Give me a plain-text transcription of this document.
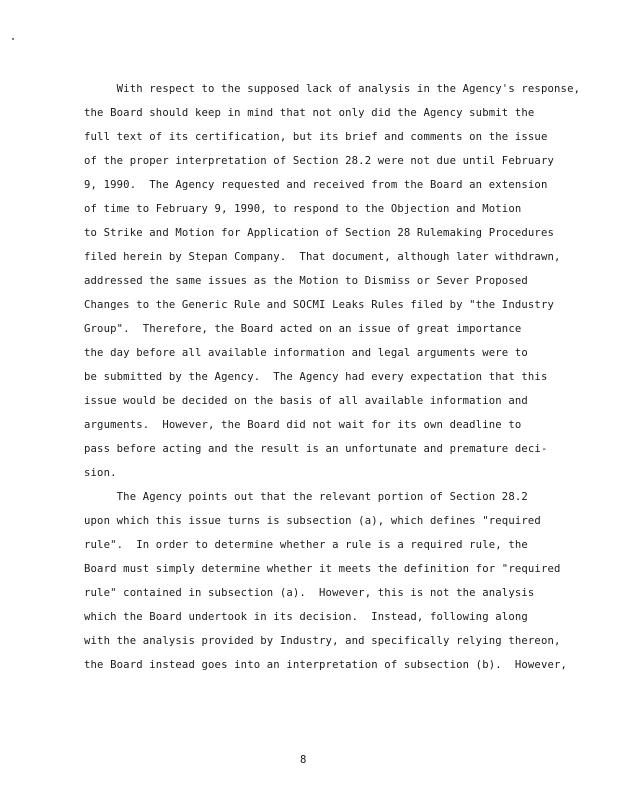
With respect to the supposed lack of analysis in the Agency's response,
the Board should keep in mind that not only did the Agency submit the
full text of its certification, but its brief and comments on the issue
of the proper interpretation of Section 28.2 were not due until February
9, 1990.  The Agency requested and received from the Board an extension
of time to February 9, 1990, to respond to the Objection and Motion
to Strike and Motion for Application of Section 28 Rulemaking Procedures
filed herein by Stepan Company.  That document, although later withdrawn,
addressed the same issues as the Motion to Dismiss or Sever Proposed
Changes to the Generic Rule and SOCMI Leaks Rules filed by "the Industry
Group".  Therefore, the Board acted on an issue of great importance
the day before all available information and legal arguments were to
be submitted by the Agency.  The Agency had every expectation that this
issue would be decided on the basis of all available information and
arguments.  However, the Board did not wait for its own deadline to
pass before acting and the result is an unfortunate and premature deci-
sion.
The Agency points out that the relevant portion of Section 28.2
upon which this issue turns is subsection (a), which defines "required
rule".  In order to determine whether a rule is a required rule, the
Board must simply determine whether it meets the definition for "required
rule" contained in subsection (a).  However, this is not the analysis
which the Board undertook in its decision.  Instead, following along
with the analysis provided by Industry, and specifically relying thereon,
the Board instead goes into an interpretation of subsection (b).  However,
8
